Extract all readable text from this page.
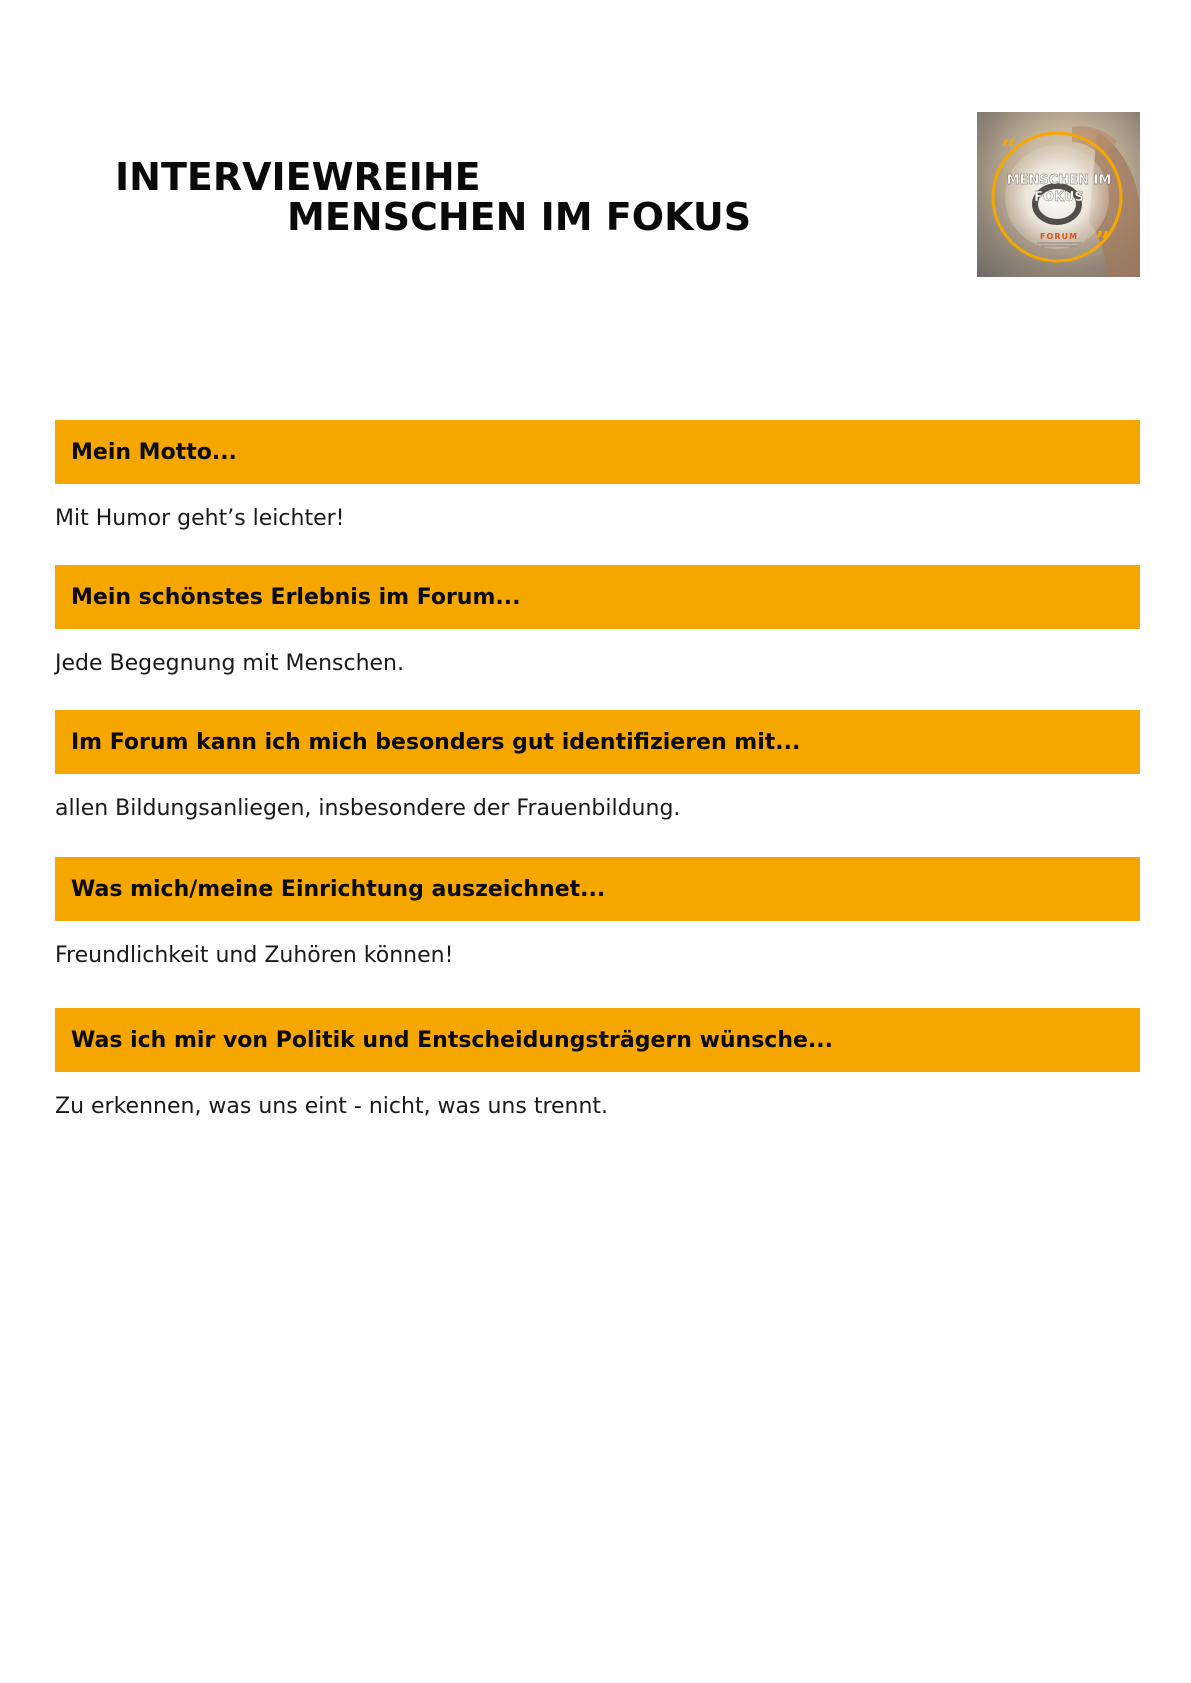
INTERVIEWREIHE
MENSCHEN IM FOKUS
“
”
MENSCHEN IM
FOKUS
FORUM
Mein Motto...
Mit Humor geht’s leichter!
Mein schönstes Erlebnis im Forum...
Jede Begegnung mit Menschen.
Im Forum kann ich mich besonders gut identifizieren mit...
allen Bildungsanliegen, insbesondere der Frauenbildung.
Was mich/meine Einrichtung auszeichnet...
Freundlichkeit und Zuhören können!
Was ich mir von Politik und Entscheidungsträgern wünsche...
Zu erkennen, was uns eint - nicht, was uns trennt.
